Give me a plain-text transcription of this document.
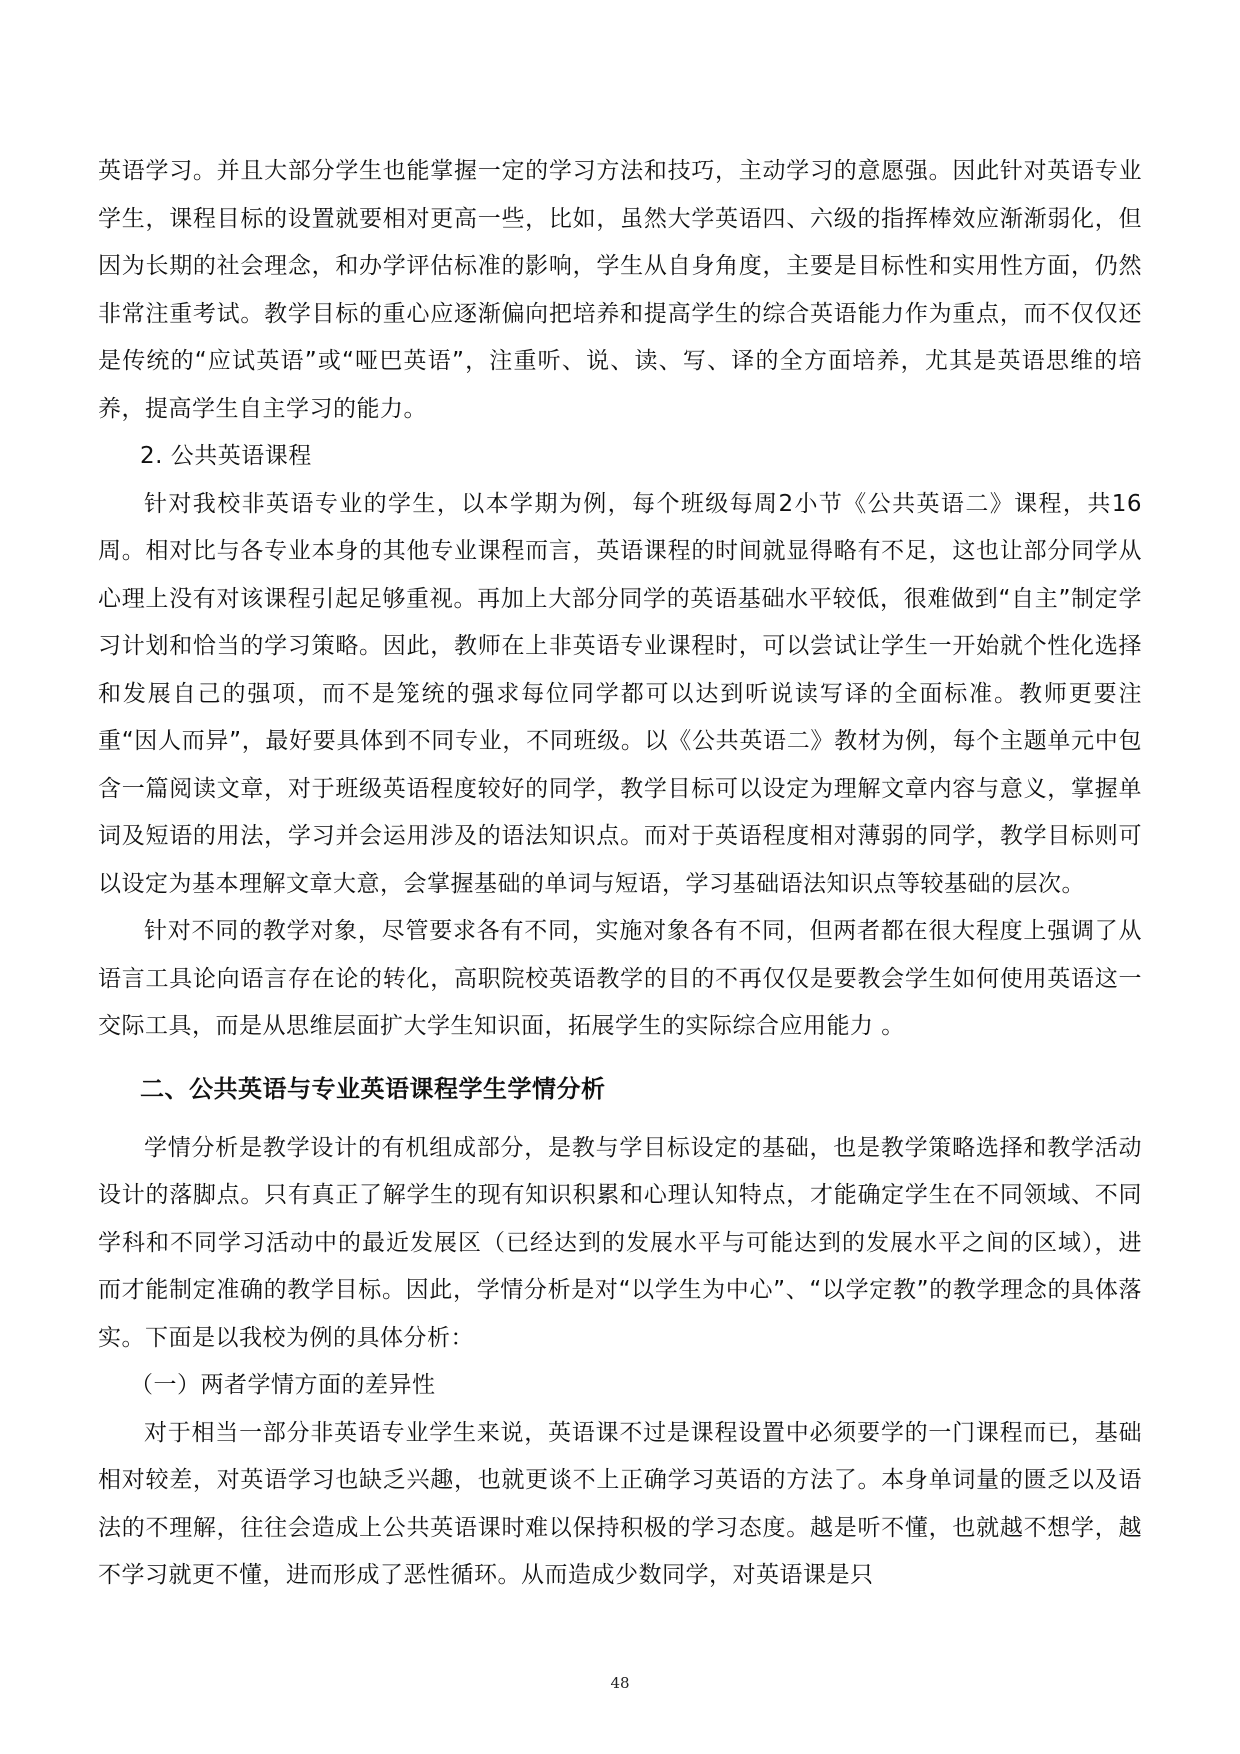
英语学习。并且大部分学生也能掌握一定的学习方法和技巧，主动学习的意愿强。因此针对英语专业学生，课程目标的设置就要相对更高一些，比如，虽然大学英语四、六级的指挥棒效应渐渐弱化，但因为长期的社会理念，和办学评估标准的影响，学生从自身角度，主要是目标性和实用性方面，仍然非常注重考试。教学目标的重心应逐渐偏向把培养和提高学生的综合英语能力作为重点，而不仅仅还是传统的“应试英语”或“哑巴英语”，注重听、说、读、写、译的全方面培养，尤其是英语思维的培养，提高学生自主学习的能力。

2. 公共英语课程

针对我校非英语专业的学生，以本学期为例，每个班级每周2小节《公共英语二》课程，共16周。相对比与各专业本身的其他专业课程而言，英语课程的时间就显得略有不足，这也让部分同学从心理上没有对该课程引起足够重视。再加上大部分同学的英语基础水平较低，很难做到“自主”制定学习计划和恰当的学习策略。因此，教师在上非英语专业课程时，可以尝试让学生一开始就个性化选择和发展自己的强项，而不是笼统的强求每位同学都可以达到听说读写译的全面标准。教师更要注重“因人而异”，最好要具体到不同专业，不同班级。以《公共英语二》教材为例，每个主题单元中包含一篇阅读文章，对于班级英语程度较好的同学，教学目标可以设定为理解文章内容与意义，掌握单词及短语的用法，学习并会运用涉及的语法知识点。而对于英语程度相对薄弱的同学，教学目标则可以设定为基本理解文章大意，会掌握基础的单词与短语，学习基础语法知识点等较基础的层次。

针对不同的教学对象，尽管要求各有不同，实施对象各有不同，但两者都在很大程度上强调了从语言工具论向语言存在论的转化，高职院校英语教学的目的不再仅仅是要教会学生如何使用英语这一交际工具，而是从思维层面扩大学生知识面，拓展学生的实际综合应用能力 。

二、公共英语与专业英语课程学生学情分析

学情分析是教学设计的有机组成部分，是教与学目标设定的基础，也是教学策略选择和教学活动设计的落脚点。只有真正了解学生的现有知识积累和心理认知特点，才能确定学生在不同领域、不同学科和不同学习活动中的最近发展区（已经达到的发展水平与可能达到的发展水平之间的区域），进而才能制定准确的教学目标。因此，学情分析是对“以学生为中心”、“以学定教”的教学理念的具体落实。下面是以我校为例的具体分析：

（一）两者学情方面的差异性

对于相当一部分非英语专业学生来说，英语课不过是课程设置中必须要学的一门课程而已，基础相对较差，对英语学习也缺乏兴趣，也就更谈不上正确学习英语的方法了。本身单词量的匮乏以及语法的不理解，往往会造成上公共英语课时难以保持积极的学习态度。越是听不懂，也就越不想学，越不学习就更不懂，进而形成了恶性循环。从而造成少数同学，对英语课是只

48
